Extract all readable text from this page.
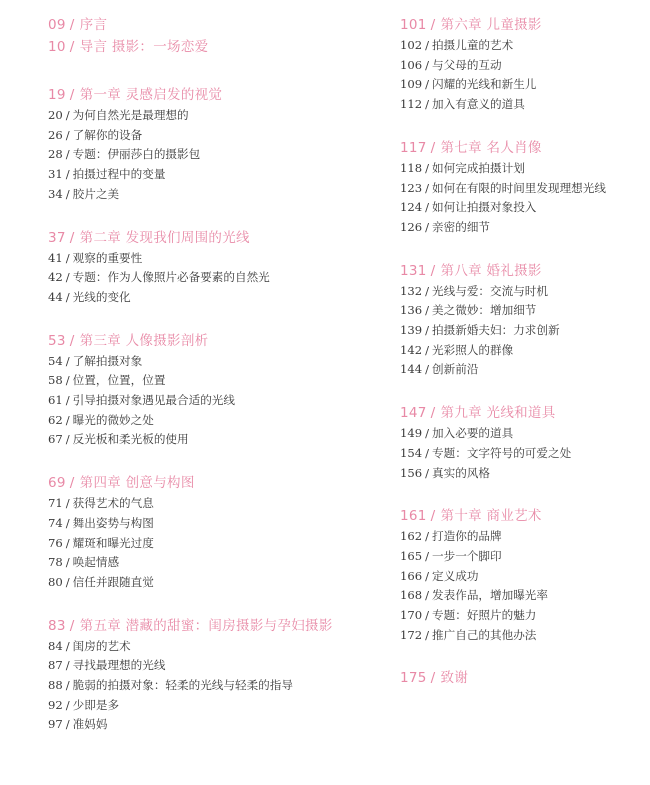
09 / 序言
10 / 导言 摄影：一场恋爱
19 / 第一章 灵感启发的视觉
20 / 为何自然光是最理想的
26 / 了解你的设备
28 / 专题：伊丽莎白的摄影包
31 / 拍摄过程中的变量
34 / 胶片之美
37 / 第二章 发现我们周围的光线
41 / 观察的重要性
42 / 专题：作为人像照片必备要素的自然光
44 / 光线的变化
53 / 第三章 人像摄影剖析
54 / 了解拍摄对象
58 / 位置，位置，位置
61 / 引导拍摄对象遇见最合适的光线
62 / 曝光的微妙之处
67 / 反光板和柔光板的使用
69 / 第四章 创意与构图
71 / 获得艺术的气息
74 / 舞出姿势与构图
76 / 耀斑和曝光过度
78 / 唤起情感
80 / 信任并跟随直觉
83 / 第五章 潜藏的甜蜜：闺房摄影与孕妇摄影
84 / 闺房的艺术
87 / 寻找最理想的光线
88 / 脆弱的拍摄对象：轻柔的光线与轻柔的指导
92 / 少即是多
97 / 准妈妈
101 / 第六章 儿童摄影
102 / 拍摄儿童的艺术
106 / 与父母的互动
109 / 闪耀的光线和新生儿
112 / 加入有意义的道具
117 / 第七章 名人肖像
118 / 如何完成拍摄计划
123 / 如何在有限的时间里发现理想光线
124 / 如何让拍摄对象投入
126 / 亲密的细节
131 / 第八章 婚礼摄影
132 / 光线与爱：交流与时机
136 / 美之微妙：增加细节
139 / 拍摄新婚夫妇：力求创新
142 / 光彩照人的群像
144 / 创新前沿
147 / 第九章 光线和道具
149 / 加入必要的道具
154 / 专题：文字符号的可爱之处
156 / 真实的风格
161 / 第十章 商业艺术
162 / 打造你的品牌
165 / 一步一个脚印
166 / 定义成功
168 / 发表作品，增加曝光率
170 / 专题：好照片的魅力
172 / 推广自己的其他办法
175 / 致谢
